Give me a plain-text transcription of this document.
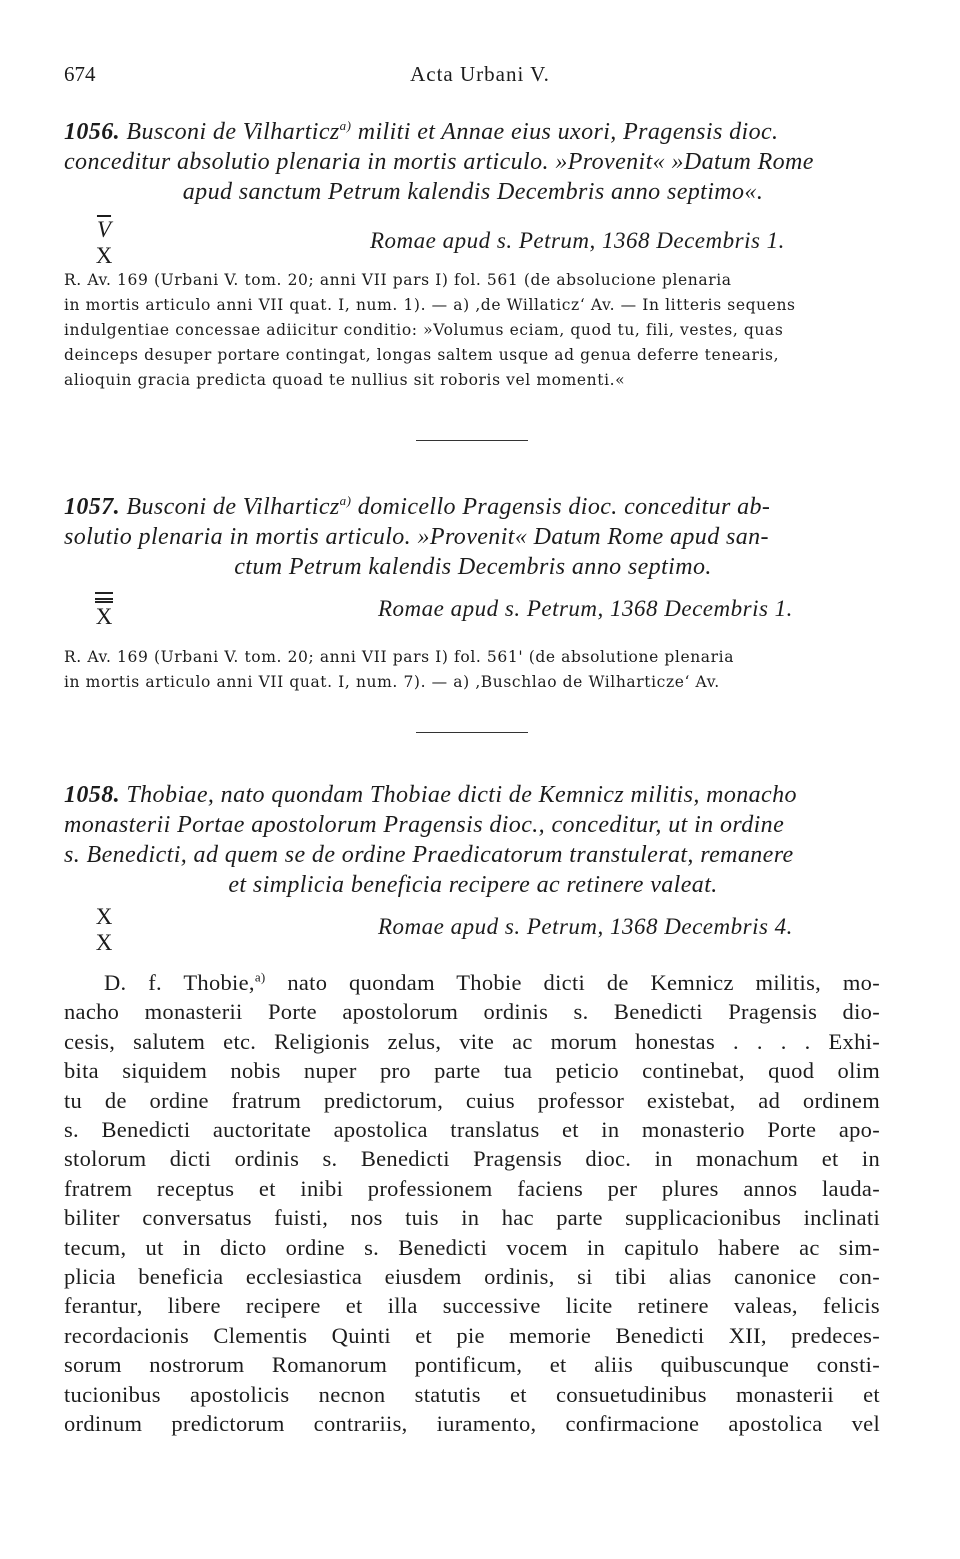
674	Acta Urbani V.
1056. Busconi de Vilharticz$^{a)}$ militi et Annae eius uxori, Pragensis dioc.
conceditur absolutio plenaria in mortis articulo. »Provenit« »Datum Rome
apud sanctum Petrum kalendis Decembris anno septimo«.
$\overline{V}$
X
Romae apud s. Petrum, 1368 Decembris 1.
R. Av. 169 (Urbani V. tom. 20; anni VII pars I) fol. 561 (de absolucione plenaria
in mortis articulo anni VII quat. I, num. 1). — a) ‚de Willaticz‘ Av. — In litteris sequens
indulgentiae concessae adiicitur conditio: »Volumus eciam, quod tu, fili, vestes, quas
deinceps desuper portare contingat, longas saltem usque ad genua deferre tenearis,
alioquin gracia predicta quoad te nullius sit roboris vel momenti.«
1057. Busconi de Vilharticz$^{a)}$ domicello Pragensis dioc. conceditur ab-
solutio plenaria in mortis articulo. »Provenit« Datum Rome apud san-
ctum Petrum kalendis Decembris anno septimo.
X	Romae apud s. Petrum, 1368 Decembris 1.
R. Av. 169 (Urbani V. tom. 20; anni VII pars I) fol. 561' (de absolutione plenaria
in mortis articulo anni VII quat. I, num. 7). — a) ‚Buschlao de Wilharticze‘ Av.
1058. Thobiae, nato quondam Thobiae dicti de Kemnicz militis, monacho
monasterii Portae apostolorum Pragensis dioc., conceditur, ut in ordine
s. Benedicti, ad quem se de ordine Praedicatorum transtulerat, remanere
et simplicia beneficia recipere ac retinere valeat.
X
X
Romae apud s. Petrum, 1368 Decembris 4.
D. f. Thobie,$^{a)}$ nato quondam Thobie dicti de Kemnicz militis, mo-
nacho monasterii Porte apostolorum ordinis s. Benedicti Pragensis dio-
cesis, salutem etc. Religionis zelus, vite ac morum honestas . . . . Exhi-
bita siquidem nobis nuper pro parte tua peticio continebat, quod olim
tu de ordine fratrum predictorum, cuius professor existebat, ad ordinem
s. Benedicti auctoritate apostolica translatus et in monasterio Porte apo-
stolorum dicti ordinis s. Benedicti Pragensis dioc. in monachum et in
fratrem receptus et inibi professionem faciens per plures annos lauda-
biliter conversatus fuisti, nos tuis in hac parte supplicacionibus inclinati
tecum, ut in dicto ordine s. Benedicti vocem in capitulo habere ac sim-
plicia beneficia ecclesiastica eiusdem ordinis, si tibi alias canonice con-
ferantur, libere recipere et illa successive licite retinere valeas, felicis
recordacionis Clementis Quinti et pie memorie Benedicti XII, predeces-
sorum nostrorum Romanorum pontificum, et aliis quibuscunque consti-
tucionibus apostolicis necnon statutis et consuetudinibus monasterii et
ordinum predictorum contrariis, iuramento, confirmacione apostolica vel
